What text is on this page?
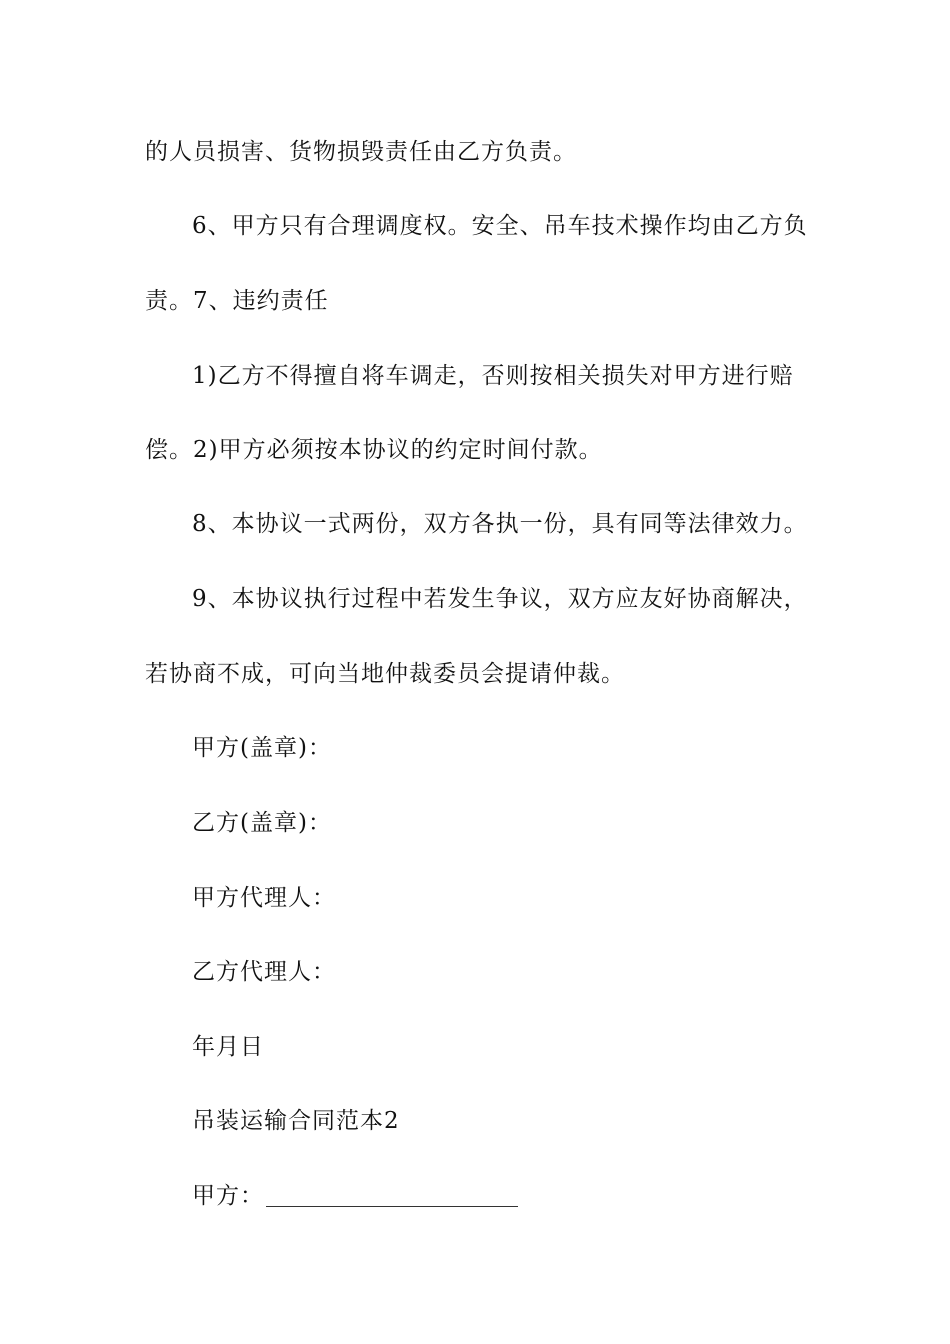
的人员损害、货物损毁责任由乙方负责。
6、甲方只有合理调度权。安全、吊车技术操作均由乙方负
责。7、违约责任
1)乙方不得擅自将车调走，否则按相关损失对甲方进行赔
偿。2)甲方必须按本协议的约定时间付款。
8、本协议一式两份，双方各执一份，具有同等法律效力。
9、本协议执行过程中若发生争议，双方应友好协商解决，
若协商不成，可向当地仲裁委员会提请仲裁。
甲方(盖章)：
乙方(盖章)：
甲方代理人：
乙方代理人：
年月日
吊装运输合同范本2
甲方：
